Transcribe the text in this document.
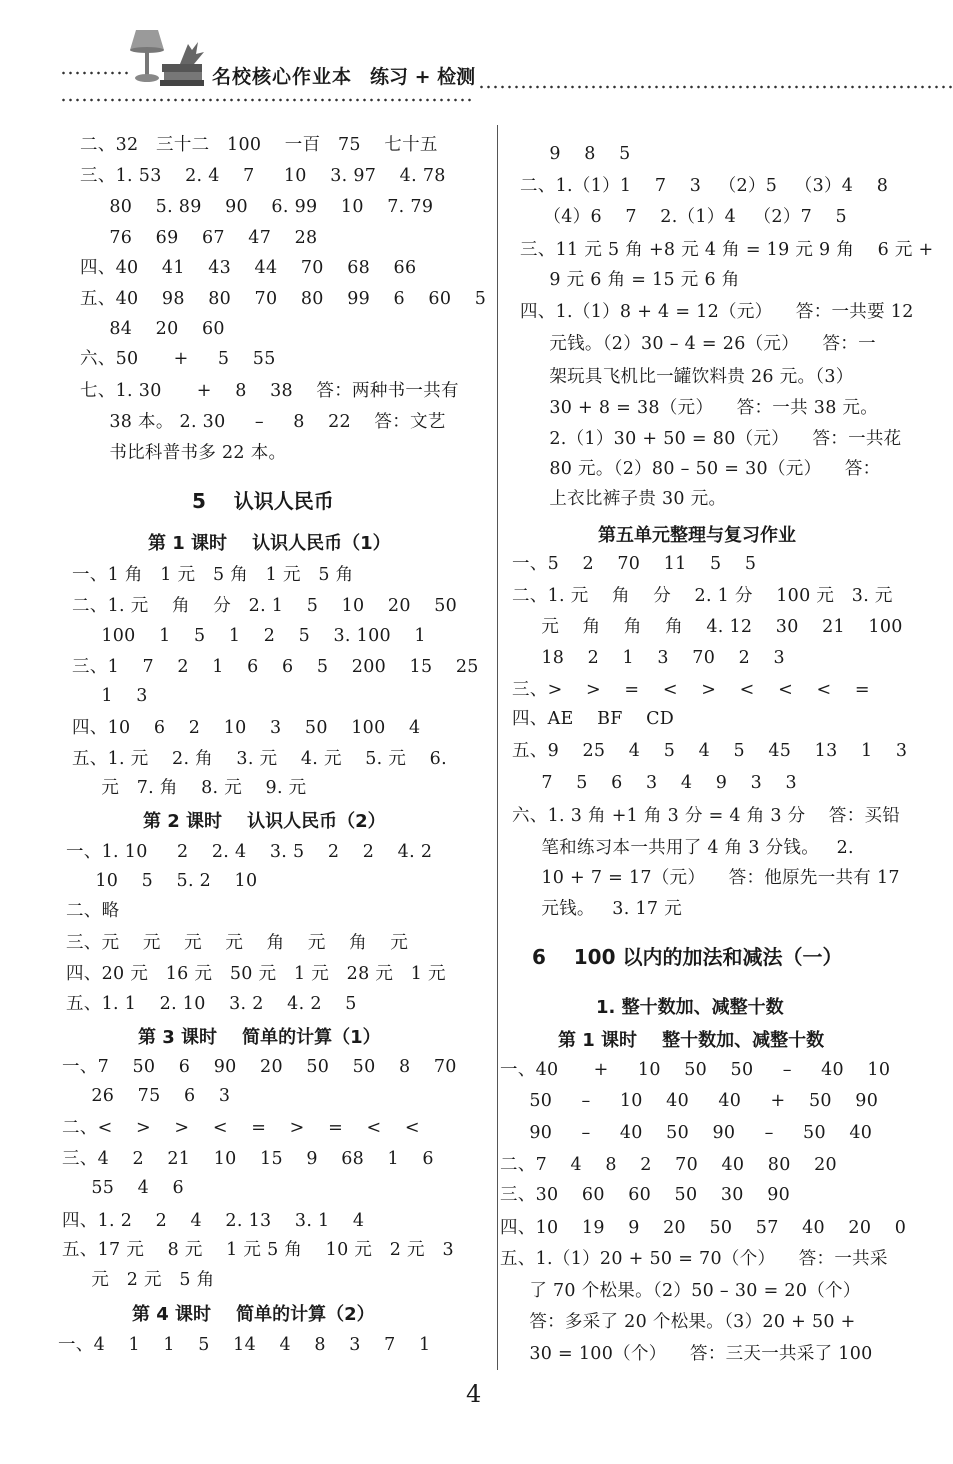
名校核心作业本 练习 + 检测
二、32   三十二   100    一百   75    七十五
三、1. 53    2. 4    7     10    3. 97    4. 78
80    5. 89    90    6. 99    10    7. 79
76    69    67    47    28
四、40    41    43    44    70    68    66
五、40    98    80    70    80    99    6    60    5
84    20    60
六、50      +     5    55
七、1. 30      +    8    38    答：两种书一共有
38 本。 2. 30     –     8    22    答：文艺
书比科普书多 22 本。
5    认识人民币
第 1 课时    认识人民币（1）
一、1 角   1 元   5 角   1 元   5 角
二、1. 元    角    分   2. 1    5    10    20    50
100    1    5    1    2    5    3. 100    1
三、1    7    2    1    6    6    5    200    15    25
1    3
四、10    6    2    10    3    50    100    4
五、1. 元    2. 角    3. 元    4. 元    5. 元    6.
元   7. 角    8. 元    9. 元
第 2 课时    认识人民币（2）
一、1. 10     2    2. 4    3. 5    2    2    4. 2
10    5    5. 2    10
二、略
三、元    元    元    元    角    元    角    元
四、20 元   16 元   50 元   1 元   28 元   1 元
五、1. 1    2. 10    3. 2    4. 2    5
第 3 课时    简单的计算（1）
一、7    50    6    90    20    50    50    8    70
26    75    6    3
二、<    >    >    <    =    >    =    <    <
三、4    2    21    10    15    9    68    1    6
55    4    6
四、1. 2    2    4    2. 13    3. 1    4
五、17 元    8 元    1 元 5 角    10 元   2 元   3
元   2 元   5 角
第 4 课时    简单的计算（2）
一、4    1    1    5    14    4    8    3    7    1
9    8    5
二、1.（1）1    7    3   （2）5   （3）4    8
（4）6    7    2.（1）4   （2）7    5
三、11 元 5 角 +8 元 4 角 = 19 元 9 角    6 元 +
9 元 6 角 = 15 元 6 角
四、1.（1）8 + 4 = 12（元）    答：一共要 12
元钱。（2）30 – 4 = 26（元）    答：一
架玩具飞机比一罐饮料贵 26 元。（3）
30 + 8 = 38（元）    答：一共 38 元。
2.（1）30 + 50 = 80（元）    答：一共花
80 元。（2）80 – 50 = 30（元）    答：
上衣比裤子贵 30 元。
第五单元整理与复习作业
一、5    2    70    11    5    5
二、1. 元    角    分    2. 1 分    100 元   3. 元
元    角    角    角    4. 12    30    21    100
18    2    1    3    70    2    3
三、>    >    =    <    >    <    <    <    =
四、AE    BF    CD
五、9    25    4    5    4    5    45    13    1    3
7    5    6    3    4    9    3    3
六、1. 3 角 +1 角 3 分 = 4 角 3 分    答：买铅
笔和练习本一共用了 4 角 3 分钱。   2.
10 + 7 = 17（元）    答：他原先一共有 17
元钱。   3. 17 元
6    100 以内的加法和减法（一）
1. 整十数加、减整十数
第 1 课时    整十数加、减整十数
一、40      +     10    50    50     –     40    10
50     –     10    40     40     +    50    90
90     –     40    50    90     –     50    40
二、7    4    8    2    70    40    80    20
三、30    60    60    50    30    90
四、10    19    9    20    50    57    40    20    0
五、1.（1）20 + 50 = 70（个）    答：一共采
了 70 个松果。（2）50 – 30 = 20（个）
答：多采了 20 个松果。（3）20 + 50 +
30 = 100（个）    答：三天一共采了 100
4
